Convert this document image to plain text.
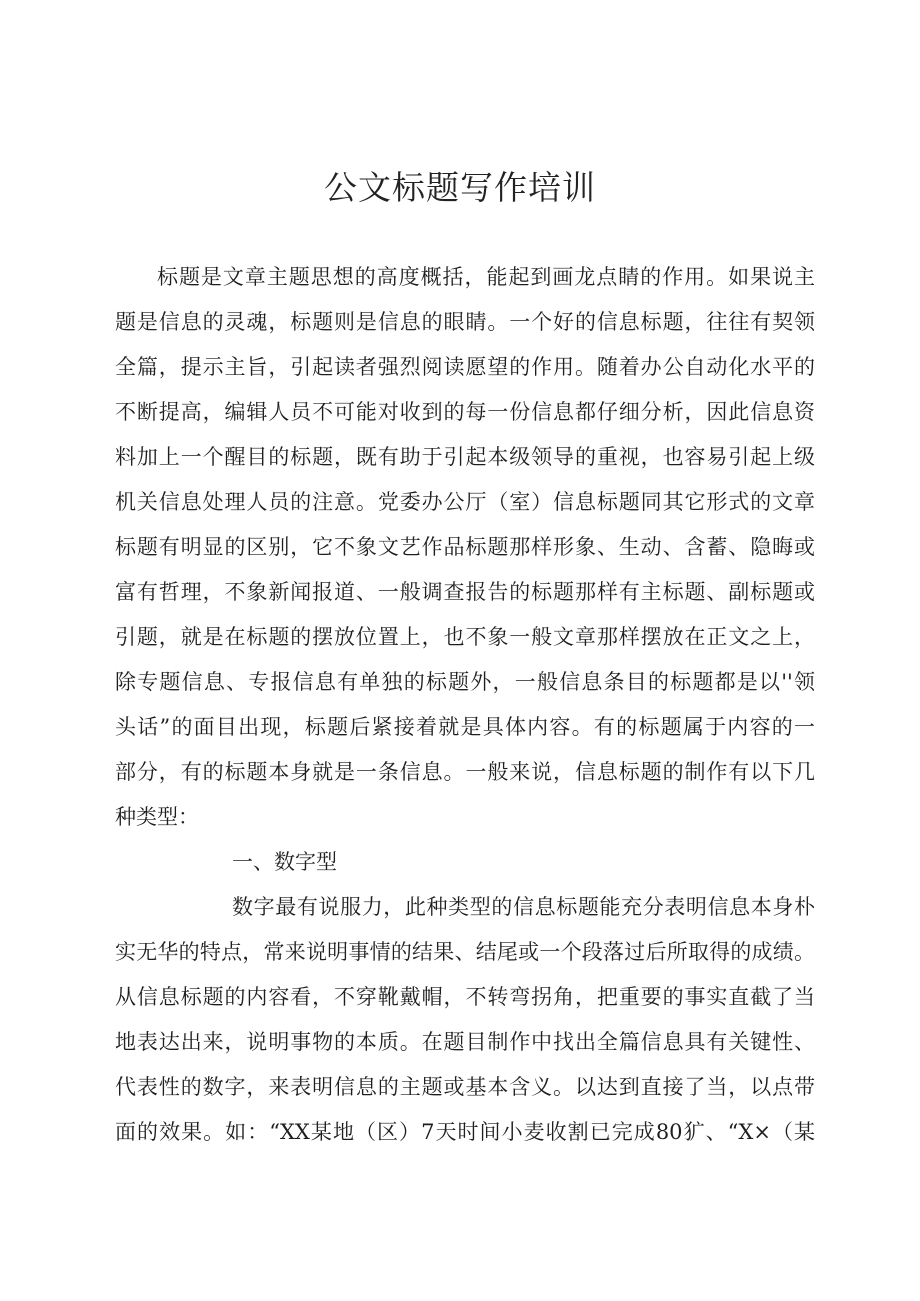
公文标题写作培训
标题是文章主题思想的高度概括，能起到画龙点睛的作用。如果说主
题是信息的灵魂，标题则是信息的眼睛。一个好的信息标题，往往有契领
全篇，提示主旨，引起读者强烈阅读愿望的作用。随着办公自动化水平的
不断提高，编辑人员不可能对收到的每一份信息都仔细分析，因此信息资
料加上一个醒目的标题，既有助于引起本级领导的重视，也容易引起上级
机关信息处理人员的注意。党委办公厅（室）信息标题同其它形式的文章
标题有明显的区别，它不象文艺作品标题那样形象、生动、含蓄、隐晦或
富有哲理，不象新闻报道、一般调查报告的标题那样有主标题、副标题或
引题，就是在标题的摆放位置上，也不象一般文章那样摆放在正文之上，
除专题信息、专报信息有单独的标题外，一般信息条目的标题都是以''领
头话”的面目出现，标题后紧接着就是具体内容。有的标题属于内容的一
部分，有的标题本身就是一条信息。一般来说，信息标题的制作有以下几
种类型：
一、数字型
数字最有说服力，此种类型的信息标题能充分表明信息本身朴
实无华的特点，常来说明事情的结果、结尾或一个段落过后所取得的成绩。
从信息标题的内容看，不穿靴戴帽，不转弯拐角，把重要的事实直截了当
地表达出来，说明事物的本质。在题目制作中找出全篇信息具有关键性、
代表性的数字，来表明信息的主题或基本含义。以达到直接了当，以点带
面的效果。如：“XX某地（区）7天时间小麦收割已完成80犷、“X×（某
